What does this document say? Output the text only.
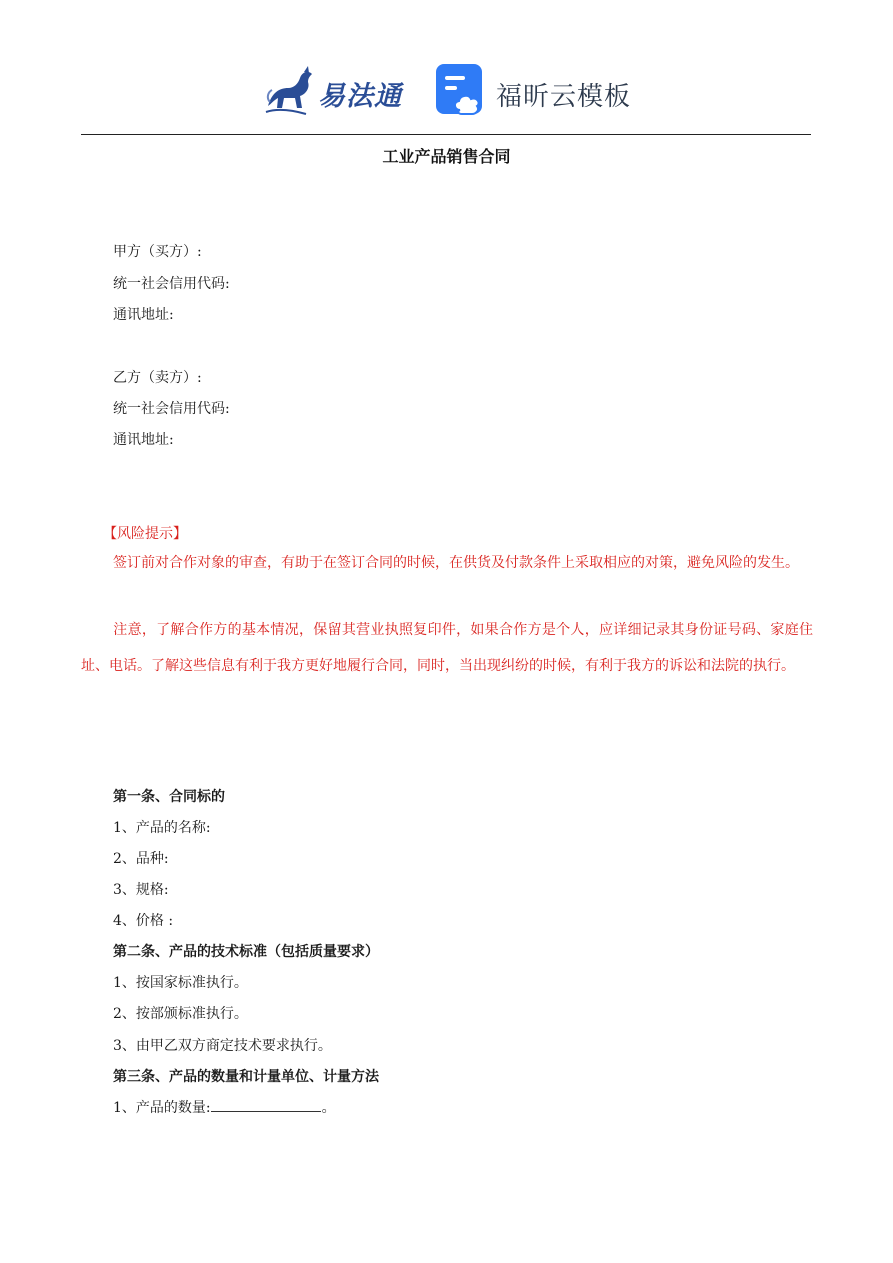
易法通	福昕云模板
工业产品销售合同
甲方（买方）:
统一社会信用代码:
通讯地址:
乙方（卖方）:
统一社会信用代码:
通讯地址:
【风险提示】
签订前对合作对象的审查，有助于在签订合同的时候，在供货及付款条件上采取相应的对策，避免风险的发生。
注意，了解合作方的基本情况，保留其营业执照复印件，如果合作方是个人，应详细记录其身份证号码、家庭住址、电话。了解这些信息有利于我方更好地履行合同，同时，当出现纠纷的时候，有利于我方的诉讼和法院的执行。
第一条、合同标的
1、产品的名称:
2、品种:
3、规格:
4、价格 :
第二条、产品的技术标准（包括质量要求）
1、按国家标准执行。
2、按部颁标准执行。
3、由甲乙双方商定技术要求执行。
第三条、产品的数量和计量单位、计量方法
1、产品的数量:	。
